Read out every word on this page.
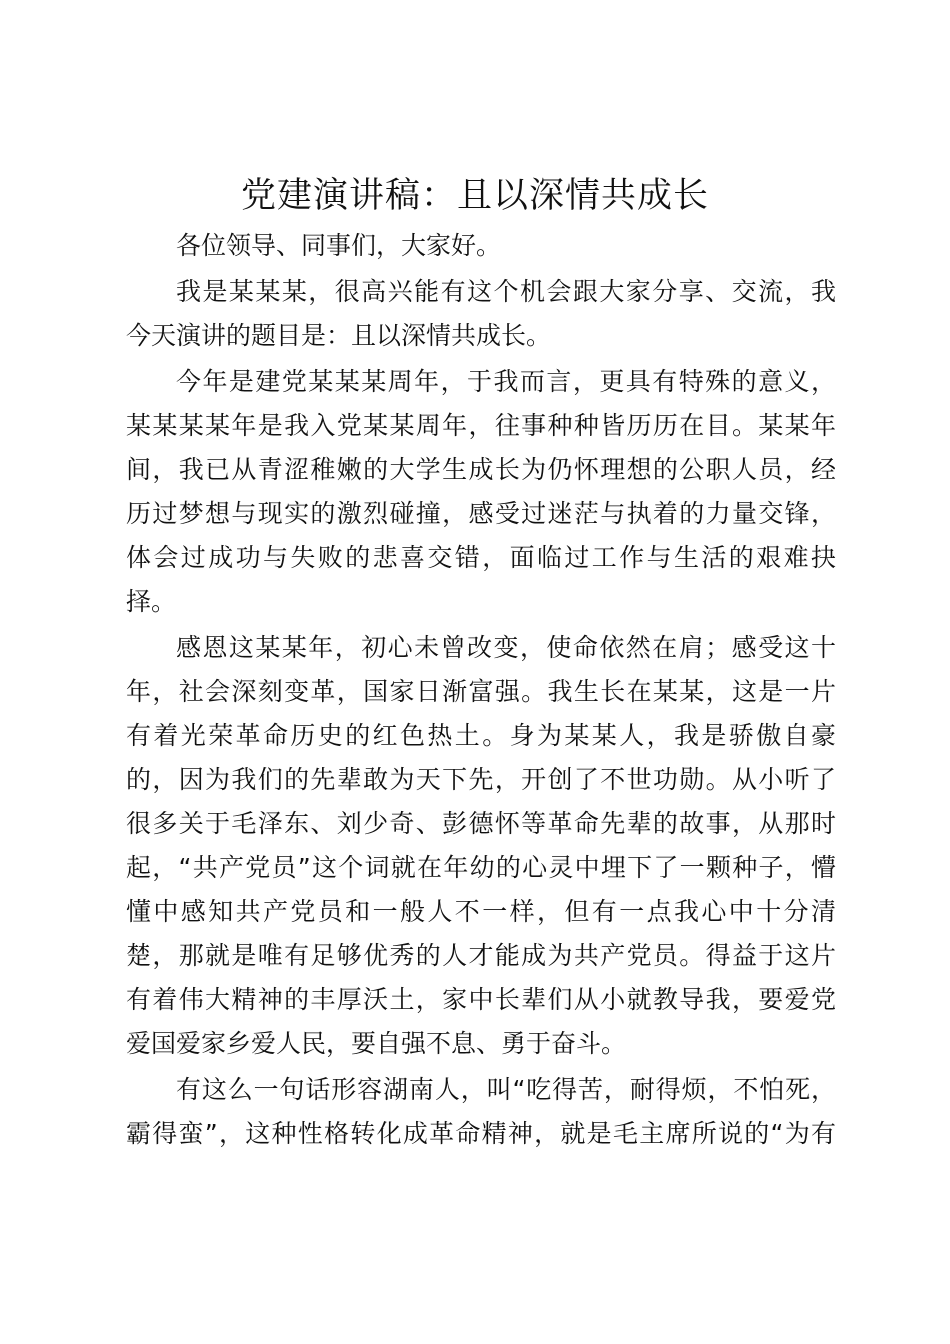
党建演讲稿：且以深情共成长
各位领导、同事们，大家好。
我是某某某，很高兴能有这个机会跟大家分享、交流，我
今天演讲的题目是：且以深情共成长。
今年是建党某某某周年，于我而言，更具有特殊的意义，
某某某某年是我入党某某周年，往事种种皆历历在目。某某年
间，我已从青涩稚嫩的大学生成长为仍怀理想的公职人员，经
历过梦想与现实的激烈碰撞，感受过迷茫与执着的力量交锋，
体会过成功与失败的悲喜交错，面临过工作与生活的艰难抉
择。
感恩这某某年，初心未曾改变，使命依然在肩；感受这十
年，社会深刻变革，国家日渐富强。我生长在某某，这是一片
有着光荣革命历史的红色热土。身为某某人，我是骄傲自豪
的，因为我们的先辈敢为天下先，开创了不世功勋。从小听了
很多关于毛泽东、刘少奇、彭德怀等革命先辈的故事，从那时
起，“共产党员”这个词就在年幼的心灵中埋下了一颗种子，懵
懂中感知共产党员和一般人不一样，但有一点我心中十分清
楚，那就是唯有足够优秀的人才能成为共产党员。得益于这片
有着伟大精神的丰厚沃土，家中长辈们从小就教导我，要爱党
爱国爱家乡爱人民，要自强不息、勇于奋斗。
有这么一句话形容湖南人，叫“吃得苦，耐得烦，不怕死，
霸得蛮”，这种性格转化成革命精神，就是毛主席所说的“为有
